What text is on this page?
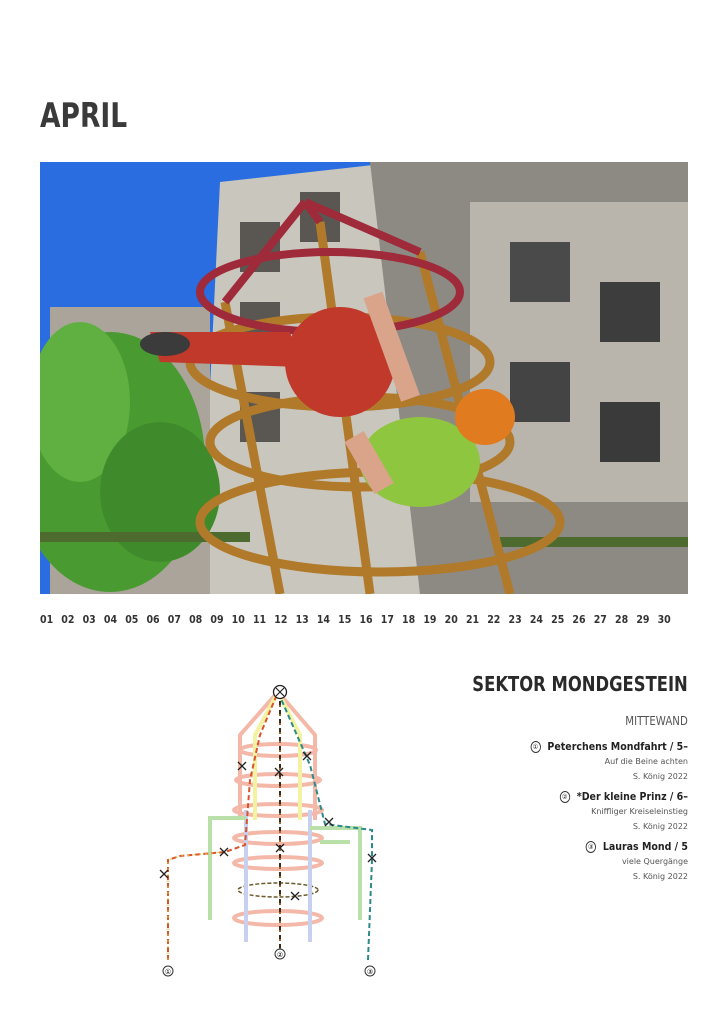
APRIL
01 02 03 04 05 06 07 08 09 10 11 12 13 14 15 16 17 18 19 20 21 22 23 24 25 26 27 28 29 30
SEKTOR MONDGESTEIN
MITTEWAND
① Peterchens Mondfahrt / 5–
Auf die Beine achten
S. König 2022
② *Der kleine Prinz / 6–
Kniffliger Kreiseleinstieg
S. König 2022
③ Lauras Mond / 5
viele Quergänge
S. König 2022
①
②
③
